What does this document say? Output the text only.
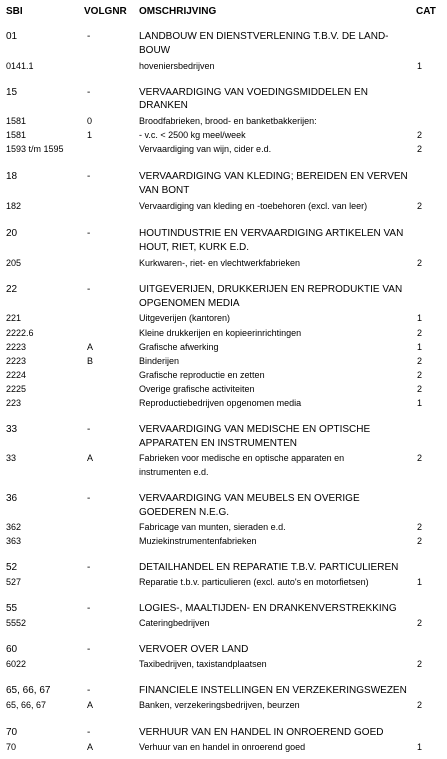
SBI	VOLGNR OMSCHRIJVING	CAT
01	-	LANDBOUW EN DIENSTVERLENING T.B.V. DE LAND-
BOUW
0141.1	hoveniersbedrijven	1
15	-	VERVAARDIGING VAN VOEDINGSMIDDELEN EN
DRANKEN
1581	0	Broodfabrieken, brood- en banketbakkerijen:
1581	1	- v.c. < 2500 kg meel/week	2
1593 t/m 1595	Vervaardiging van wijn, cider e.d.	2
18	-	VERVAARDIGING VAN KLEDING; BEREIDEN EN VERVEN
VAN BONT
182	Vervaardiging van kleding en -toebehoren (excl. van leer)	2
20	-	HOUTINDUSTRIE EN VERVAARDIGING ARTIKELEN VAN
HOUT, RIET, KURK E.D.
205	Kurkwaren-, riet- en vlechtwerkfabrieken	2
22	-	UITGEVERIJEN, DRUKKERIJEN EN REPRODUKTIE VAN
OPGENOMEN MEDIA
221	Uitgeverijen (kantoren)	1
2222.6	Kleine drukkerijen en kopieerinrichtingen	2
2223	A	Grafische afwerking	1
2223	B	Binderijen	2
2224	Grafische reproductie en zetten	2
2225	Overige grafische activiteiten	2
223	Reproductiebedrijven opgenomen media	1
33	-	VERVAARDIGING VAN MEDISCHE EN OPTISCHE
APPARATEN EN INSTRUMENTEN
33	A	Fabrieken voor medische en optische apparaten en	2
instrumenten e.d.
36	-	VERVAARDIGING VAN MEUBELS EN OVERIGE
GOEDEREN N.E.G.
362	Fabricage van munten, sieraden e.d.	2
363	Muziekinstrumentenfabrieken	2
52	-	DETAILHANDEL EN REPARATIE T.B.V. PARTICULIEREN
527	Reparatie t.b.v. particulieren (excl. auto's en motorfietsen)	1
55	-	LOGIES-, MAALTIJDEN- EN DRANKENVERSTREKKING
5552	Cateringbedrijven	2
60	-	VERVOER OVER LAND
6022	Taxibedrijven, taxistandplaatsen	2
65, 66, 67	-	FINANCIELE INSTELLINGEN EN VERZEKERINGSWEZEN
65, 66, 67	A	Banken, verzekeringsbedrijven, beurzen	2
70	-	VERHUUR VAN EN HANDEL IN ONROEREND GOED
70	A	Verhuur van en handel in onroerend goed	1
